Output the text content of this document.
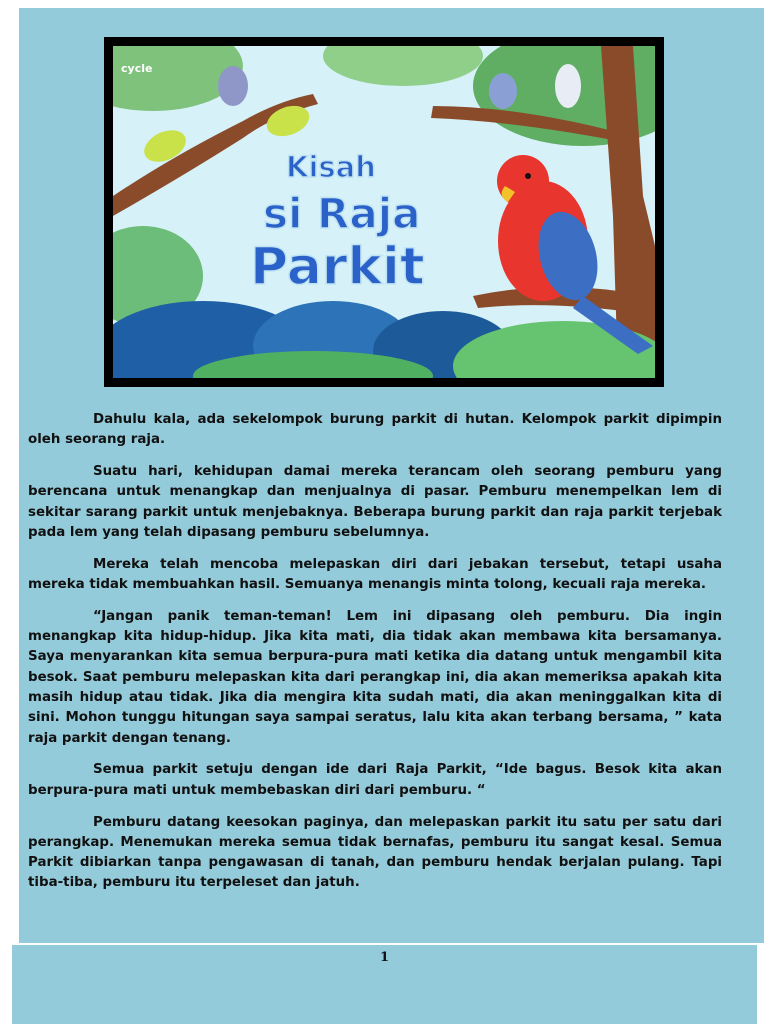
cycle
Kisah
si Raja
Parkit

Dahulu kala, ada sekelompok burung parkit di hutan. Kelompok parkit dipimpin oleh seorang raja.

Suatu hari, kehidupan damai mereka terancam oleh seorang pemburu yang berencana untuk menangkap dan menjualnya di pasar. Pemburu menempelkan lem di sekitar sarang parkit untuk menjebaknya. Beberapa burung parkit dan raja parkit terjebak pada lem yang telah dipasang pemburu sebelumnya.

Mereka telah mencoba melepaskan diri dari jebakan tersebut, tetapi usaha mereka tidak membuahkan hasil. Semuanya menangis minta tolong, kecuali raja mereka.

“Jangan panik teman-teman! Lem ini dipasang oleh pemburu. Dia ingin menangkap kita hidup-hidup. Jika kita mati, dia tidak akan membawa kita bersamanya. Saya menyarankan kita semua berpura-pura mati ketika dia datang untuk mengambil kita besok. Saat pemburu melepaskan kita dari perangkap ini, dia akan memeriksa apakah kita masih hidup atau tidak. Jika dia mengira kita sudah mati, dia akan meninggalkan kita di sini. Mohon tunggu hitungan saya sampai seratus, lalu kita akan terbang bersama, ” kata raja parkit dengan tenang.

Semua parkit setuju dengan ide dari Raja Parkit, “Ide bagus. Besok kita akan berpura-pura mati untuk membebaskan diri dari pemburu. “

Pemburu datang keesokan paginya, dan melepaskan parkit itu satu per satu dari perangkap. Menemukan mereka semua tidak bernafas, pemburu itu sangat kesal. Semua Parkit dibiarkan tanpa pengawasan di tanah, dan pemburu hendak berjalan pulang. Tapi tiba-tiba, pemburu itu terpeleset dan jatuh.

1
